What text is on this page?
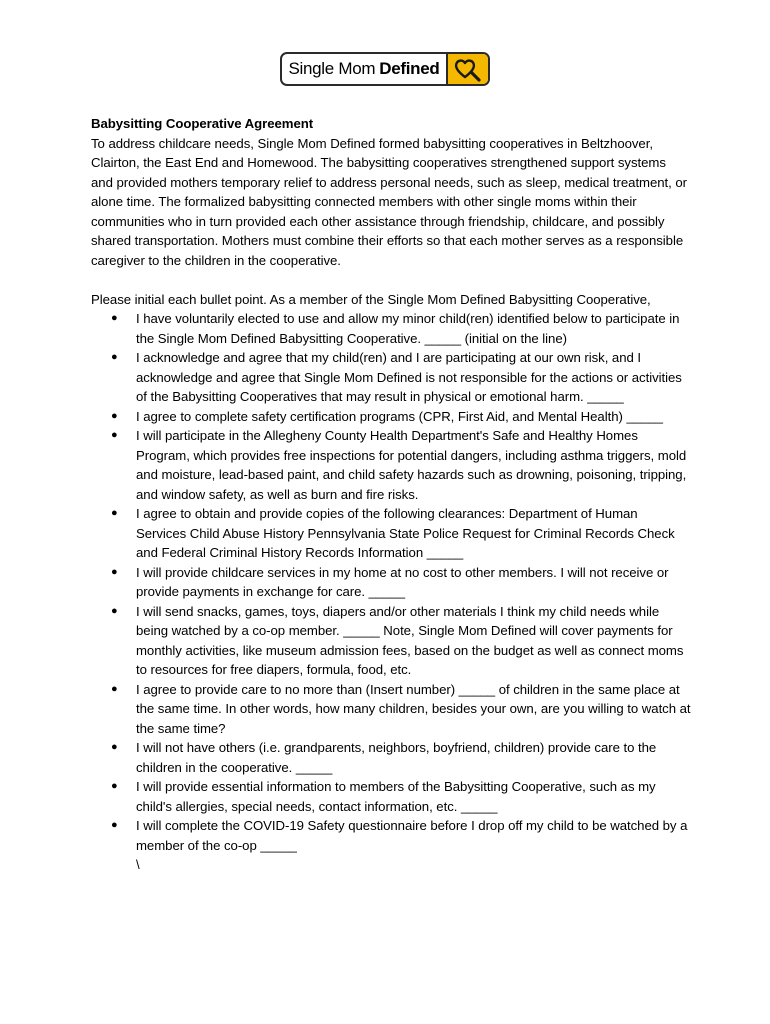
Single Mom Defined

Babysitting Cooperative Agreement

To address childcare needs, Single Mom Defined formed babysitting cooperatives in Beltzhoover, Clairton, the East End and Homewood. The babysitting cooperatives strengthened support systems and provided mothers temporary relief to address personal needs, such as sleep, medical treatment, or alone time. The formalized babysitting connected members with other single moms within their communities who in turn provided each other assistance through friendship, childcare, and possibly shared transportation. Mothers must combine their efforts so that each mother serves as a responsible caregiver to the children in the cooperative.

Please initial each bullet point. As a member of the Single Mom Defined Babysitting Cooperative,

● I have voluntarily elected to use and allow my minor child(ren) identified below to participate in the Single Mom Defined Babysitting Cooperative. _____ (initial on the line)
● I acknowledge and agree that my child(ren) and I are participating at our own risk, and I acknowledge and agree that Single Mom Defined is not responsible for the actions or activities of the Babysitting Cooperatives that may result in physical or emotional harm. _____
● I agree to complete safety certification programs (CPR, First Aid, and Mental Health) _____
● I will participate in the Allegheny County Health Department's Safe and Healthy Homes Program, which provides free inspections for potential dangers, including asthma triggers, mold and moisture, lead-based paint, and child safety hazards such as drowning, poisoning, tripping, and window safety, as well as burn and fire risks.
● I agree to obtain and provide copies of the following clearances: Department of Human Services Child Abuse History Pennsylvania State Police Request for Criminal Records Check and Federal Criminal History Records Information _____
● I will provide childcare services in my home at no cost to other members. I will not receive or provide payments in exchange for care. _____
● I will send snacks, games, toys, diapers and/or other materials I think my child needs while being watched by a co-op member. _____ Note, Single Mom Defined will cover payments for monthly activities, like museum admission fees, based on the budget as well as connect moms to resources for free diapers, formula, food, etc.
● I agree to provide care to no more than (Insert number) _____ of children in the same place at the same time. In other words, how many children, besides your own, are you willing to watch at the same time?
● I will not have others (i.e. grandparents, neighbors, boyfriend, children) provide care to the children in the cooperative. _____
● I will provide essential information to members of the Babysitting Cooperative, such as my child's allergies, special needs, contact information, etc. _____
● I will complete the COVID-19 Safety questionnaire before I drop off my child to be watched by a member of the co-op _____

\
